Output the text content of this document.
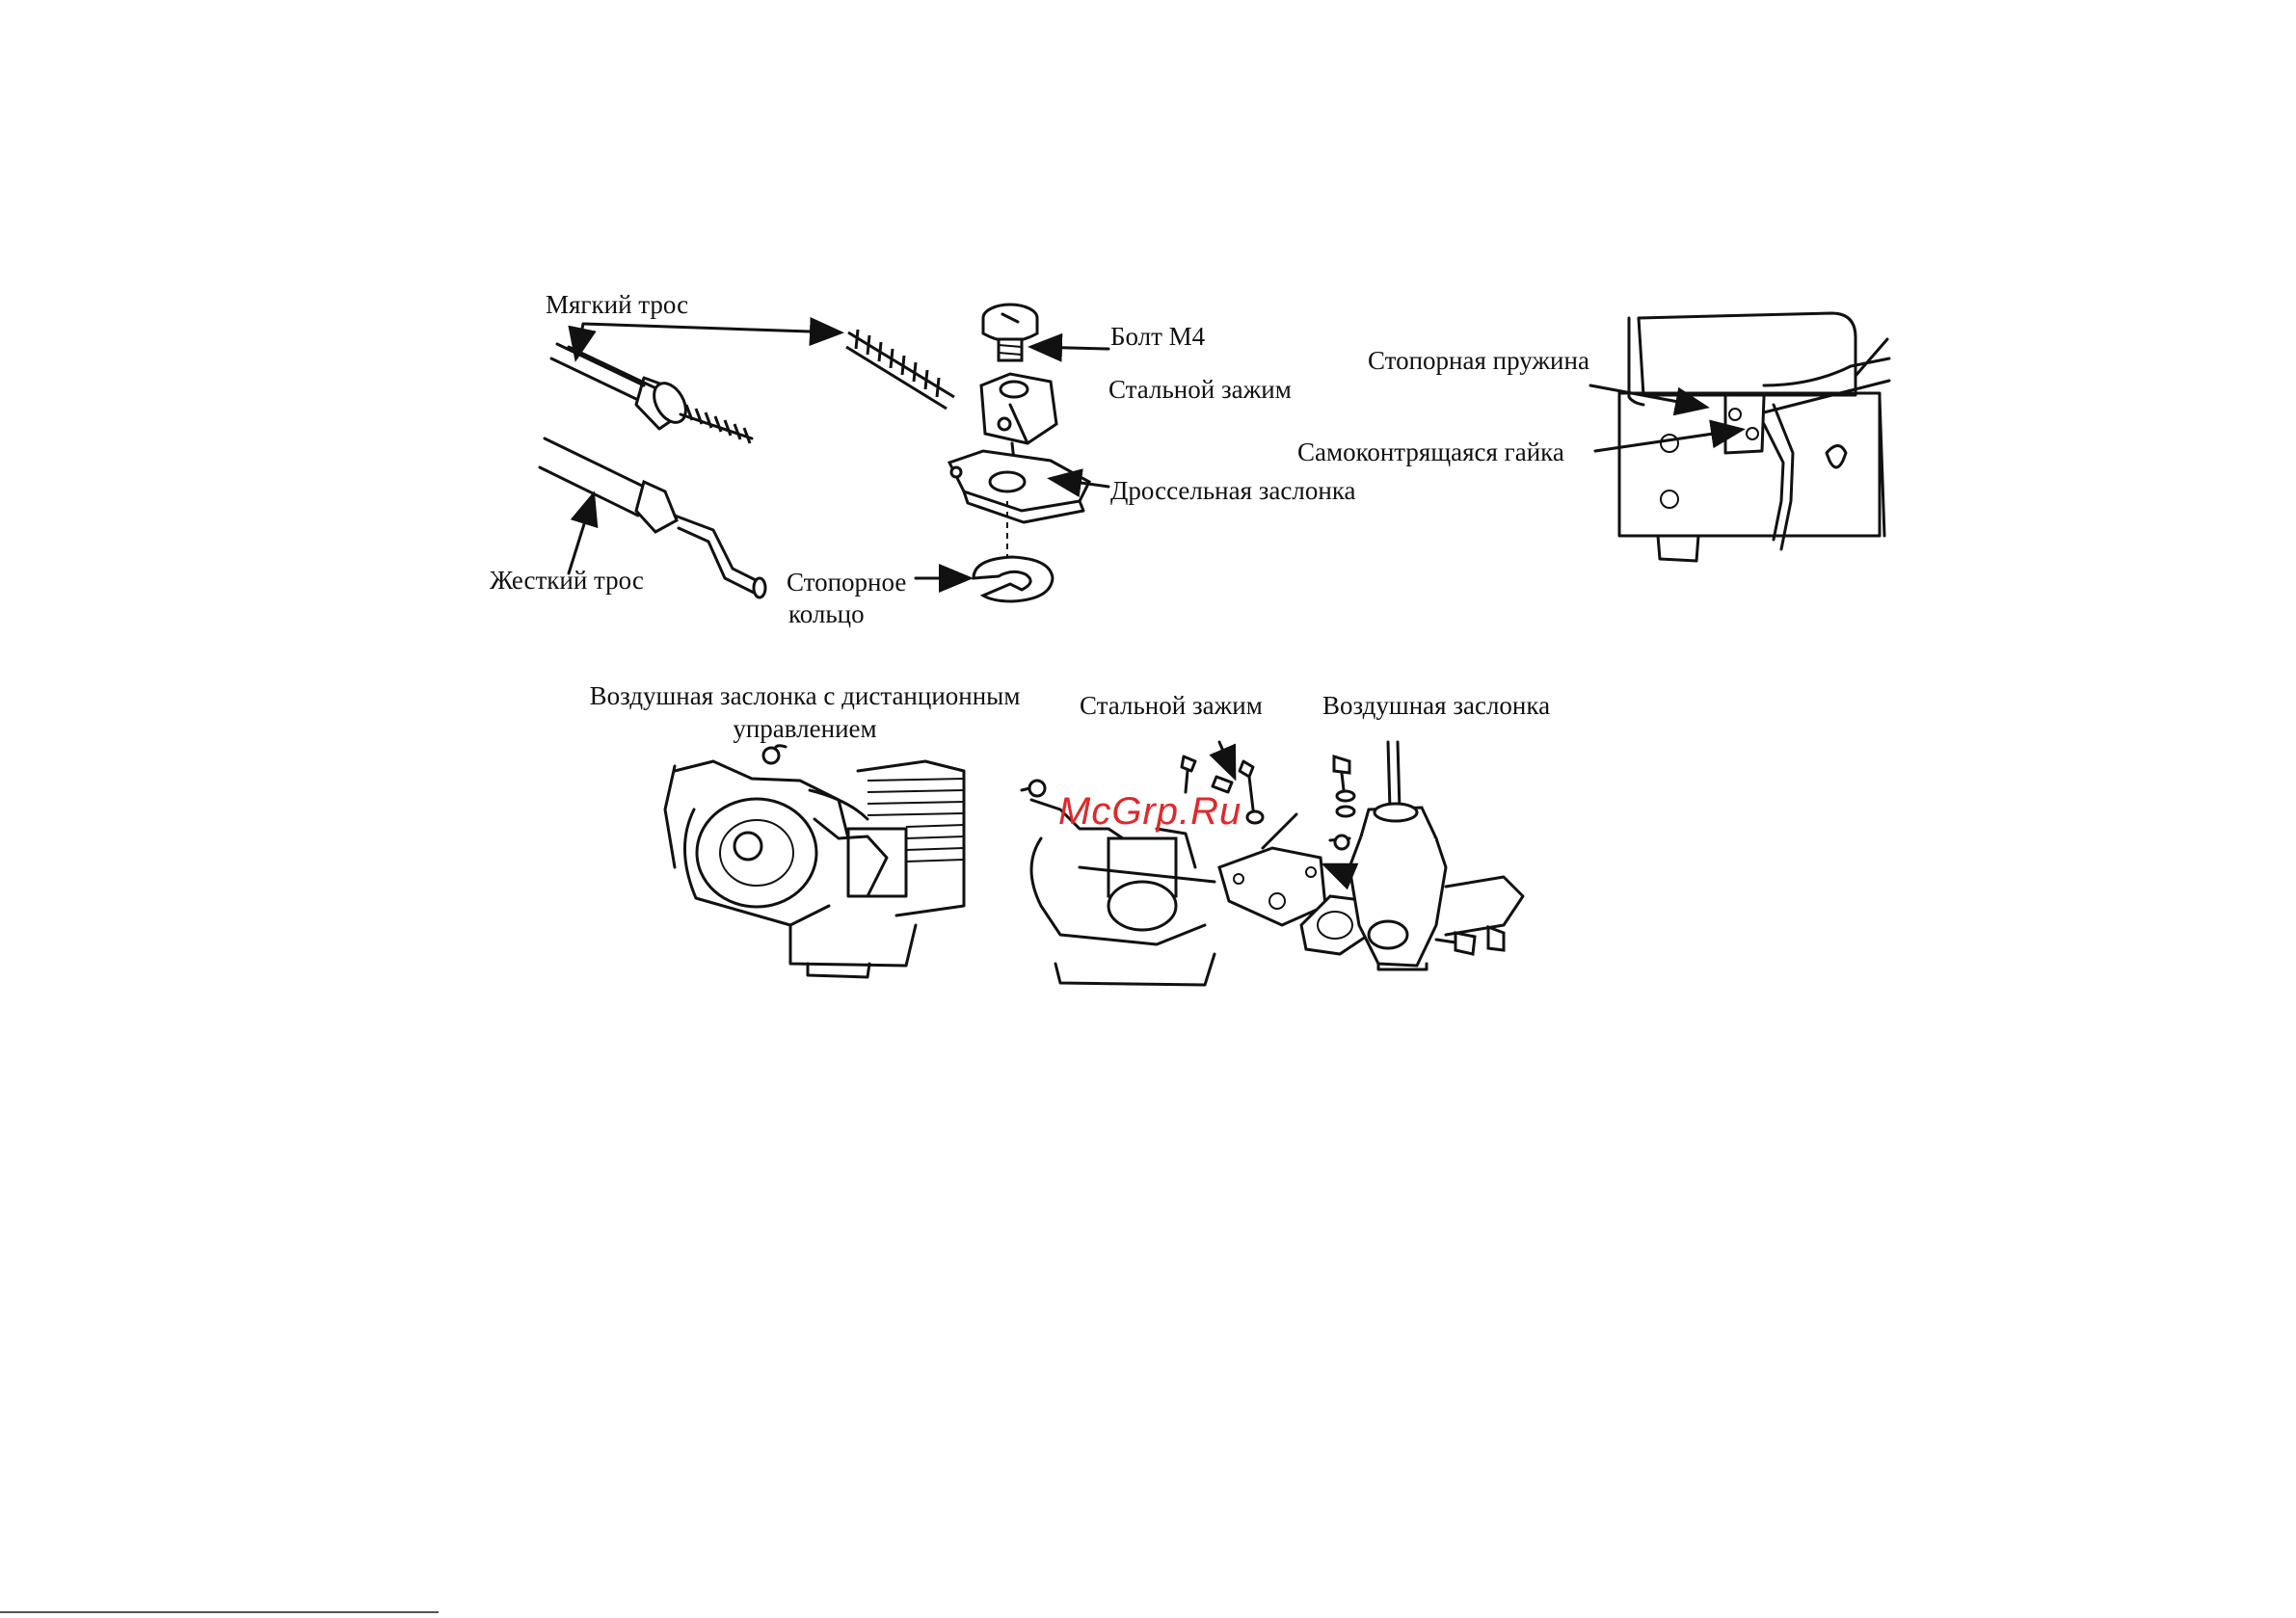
Мягкий трос
Болт М4
Стальной зажим
Дроссельная заслонка
Жесткий трос	Стопорное
кольцо
Стопорная пружина
Самоконтрящаяся гайка
Воздушная заслонка с дистанционным
управлением
Стальной зажим Воздушная заслонка
McGrp.Ru
